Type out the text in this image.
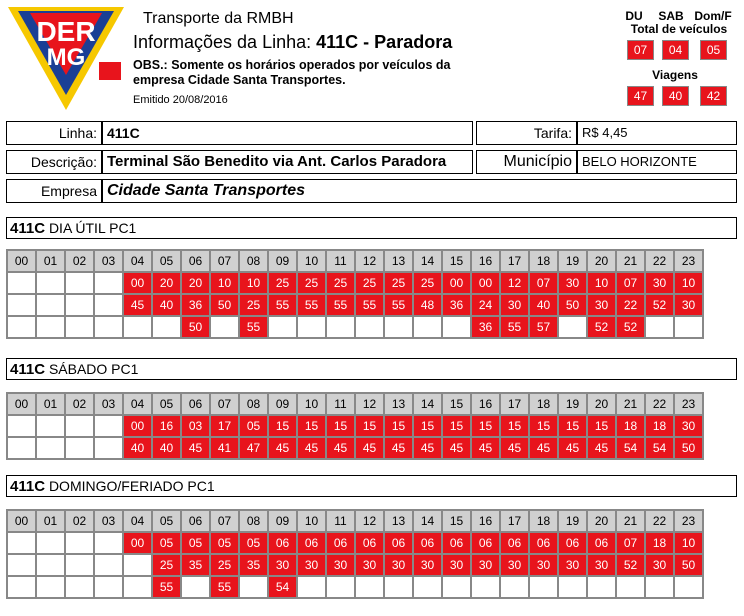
DER
MG
Transporte da RMBH
Informações da Linha: 411C - Paradora
OBS.: Somente os horários operados por veículos da empresa Cidade Santa Transportes.
Emitido 20/08/2016
DU	SAB Dom/F
Total de veículos
07	04	05
Viagens
47	40	42
Linha: 411C	Tarifa: R$ 4,45
Descrição: Terminal São Benedito via Ant. Carlos Paradora	Município BELO HORIZONTE
Empresa Cidade Santa Transportes
411C DIA ÚTIL PC1
00	01	02	03	04	05	06	07	08	09	10	11	12	13	14	15	16	17	18	19	20	21	22	23
				00	20	20	10	10	25	25	25	25	25	25	00	00	12	07	30	10	07	30	10
				45	40	36	50	25	55	55	55	55	55	48	36	24	30	40	50	30	22	52	30
						50		55								36	55	57		52	52		
411C SÁBADO PC1
00	01	02	03	04	05	06	07	08	09	10	11	12	13	14	15	16	17	18	19	20	21	22	23
				00	16	03	17	05	15	15	15	15	15	15	15	15	15	15	15	15	18	18	30
				40	40	45	41	47	45	45	45	45	45	45	45	45	45	45	45	45	54	54	50
411C DOMINGO/FERIADO PC1
00	01	02	03	04	05	06	07	08	09	10	11	12	13	14	15	16	17	18	19	20	21	22	23
				00	05	05	05	05	06	06	06	06	06	06	06	06	06	06	06	06	07	18	10
					25	35	25	35	30	30	30	30	30	30	30	30	30	30	30	30	52	30	50
					55		55		54														
